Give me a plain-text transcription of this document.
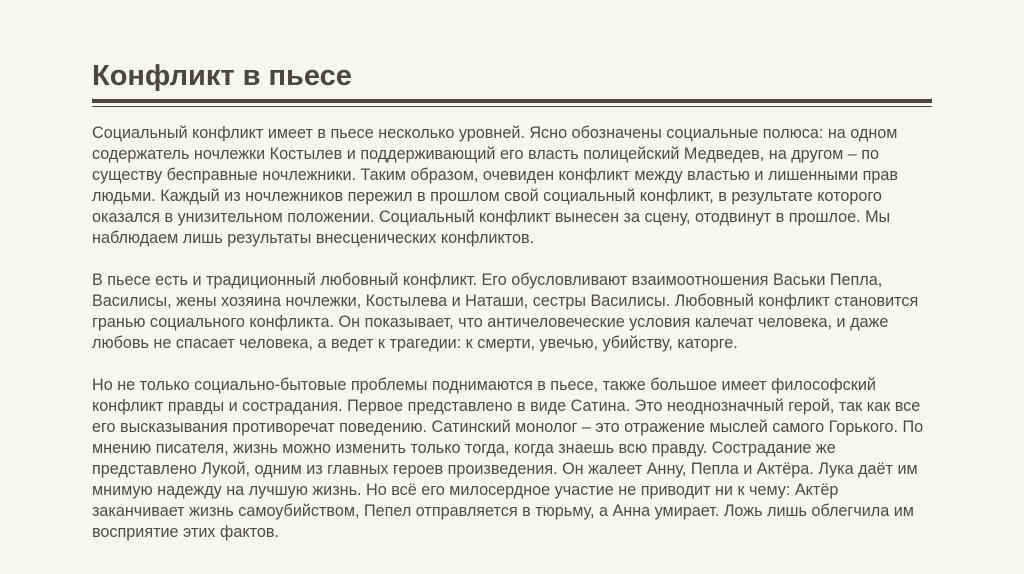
Конфликт в пьесе

Социальный конфликт имеет в пьесе несколько уровней. Ясно обозначены социальные полюса: на одном
содержатель ночлежки Костылев и поддерживающий его власть полицейский Медведев, на другом – по
существу бесправные ночлежники. Таким образом, очевиден конфликт между властью и лишенными прав
людьми. Каждый из ночлежников пережил в прошлом свой социальный конфликт, в результате которого
оказался в унизительном положении. Социальный конфликт вынесен за сцену, отодвинут в прошлое. Мы
наблюдаем лишь результаты внесценических конфликтов.

В пьесе есть и традиционный любовный конфликт. Его обусловливают взаимоотношения Васьки Пепла,
Василисы, жены хозяина ночлежки, Костылева и Наташи, сестры Василисы. Любовный конфликт становится
гранью социального конфликта. Он показывает, что античеловеческие условия калечат человека, и даже
любовь не спасает человека, а ведет к трагедии: к смерти, увечью, убийству, каторге.

Но не только социально-бытовые проблемы поднимаются в пьесе, также большое имеет философский
конфликт правды и сострадания. Первое представлено в виде Сатина. Это неоднозначный герой, так как все
его высказывания противоречат поведению. Сатинский монолог – это отражение мыслей самого Горького. По
мнению писателя, жизнь можно изменить только тогда, когда знаешь всю правду. Сострадание же
представлено Лукой, одним из главных героев произведения. Он жалеет Анну, Пепла и Актёра. Лука даёт им
мнимую надежду на лучшую жизнь. Но всё его милосердное участие не приводит ни к чему: Актёр
заканчивает жизнь самоубийством, Пепел отправляется в тюрьму, а Анна умирает. Ложь лишь облегчила им
восприятие этих фактов.
